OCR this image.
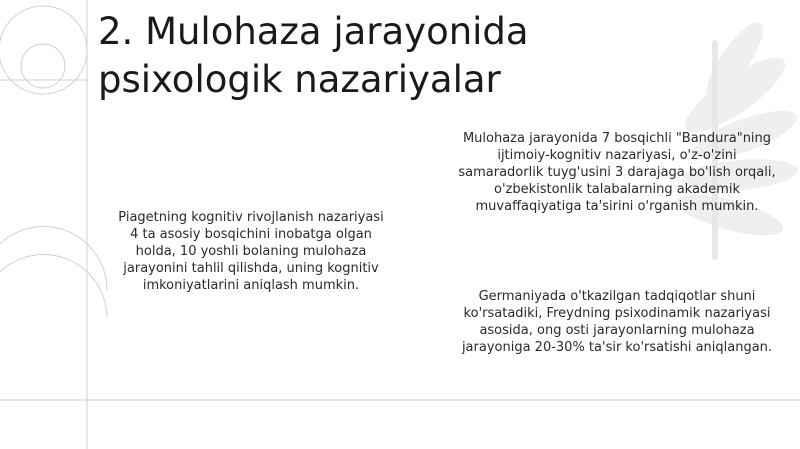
2. Mulohaza jarayonida
psixologik nazariyalar
Piagetning kognitiv rivojlanish nazariyasi
4 ta asosiy bosqichini inobatga olgan
holda, 10 yoshli bolaning mulohaza
jarayonini tahlil qilishda, uning kognitiv
imkoniyatlarini aniqlash mumkin.
Mulohaza jarayonida 7 bosqichli "Bandura"ning
ijtimoiy-kognitiv nazariyasi, o'z-o'zini
samaradorlik tuyg'usini 3 darajaga bo'lish orqali,
o'zbekistonlik talabalarning akademik
muvaffaqiyatiga ta'sirini o'rganish mumkin.
Germaniyada o'tkazilgan tadqiqotlar shuni
ko'rsatadiki, Freydning psixodinamik nazariyasi
asosida, ong osti jarayonlarning mulohaza
jarayoniga 20-30% ta'sir ko'rsatishi aniqlangan.
